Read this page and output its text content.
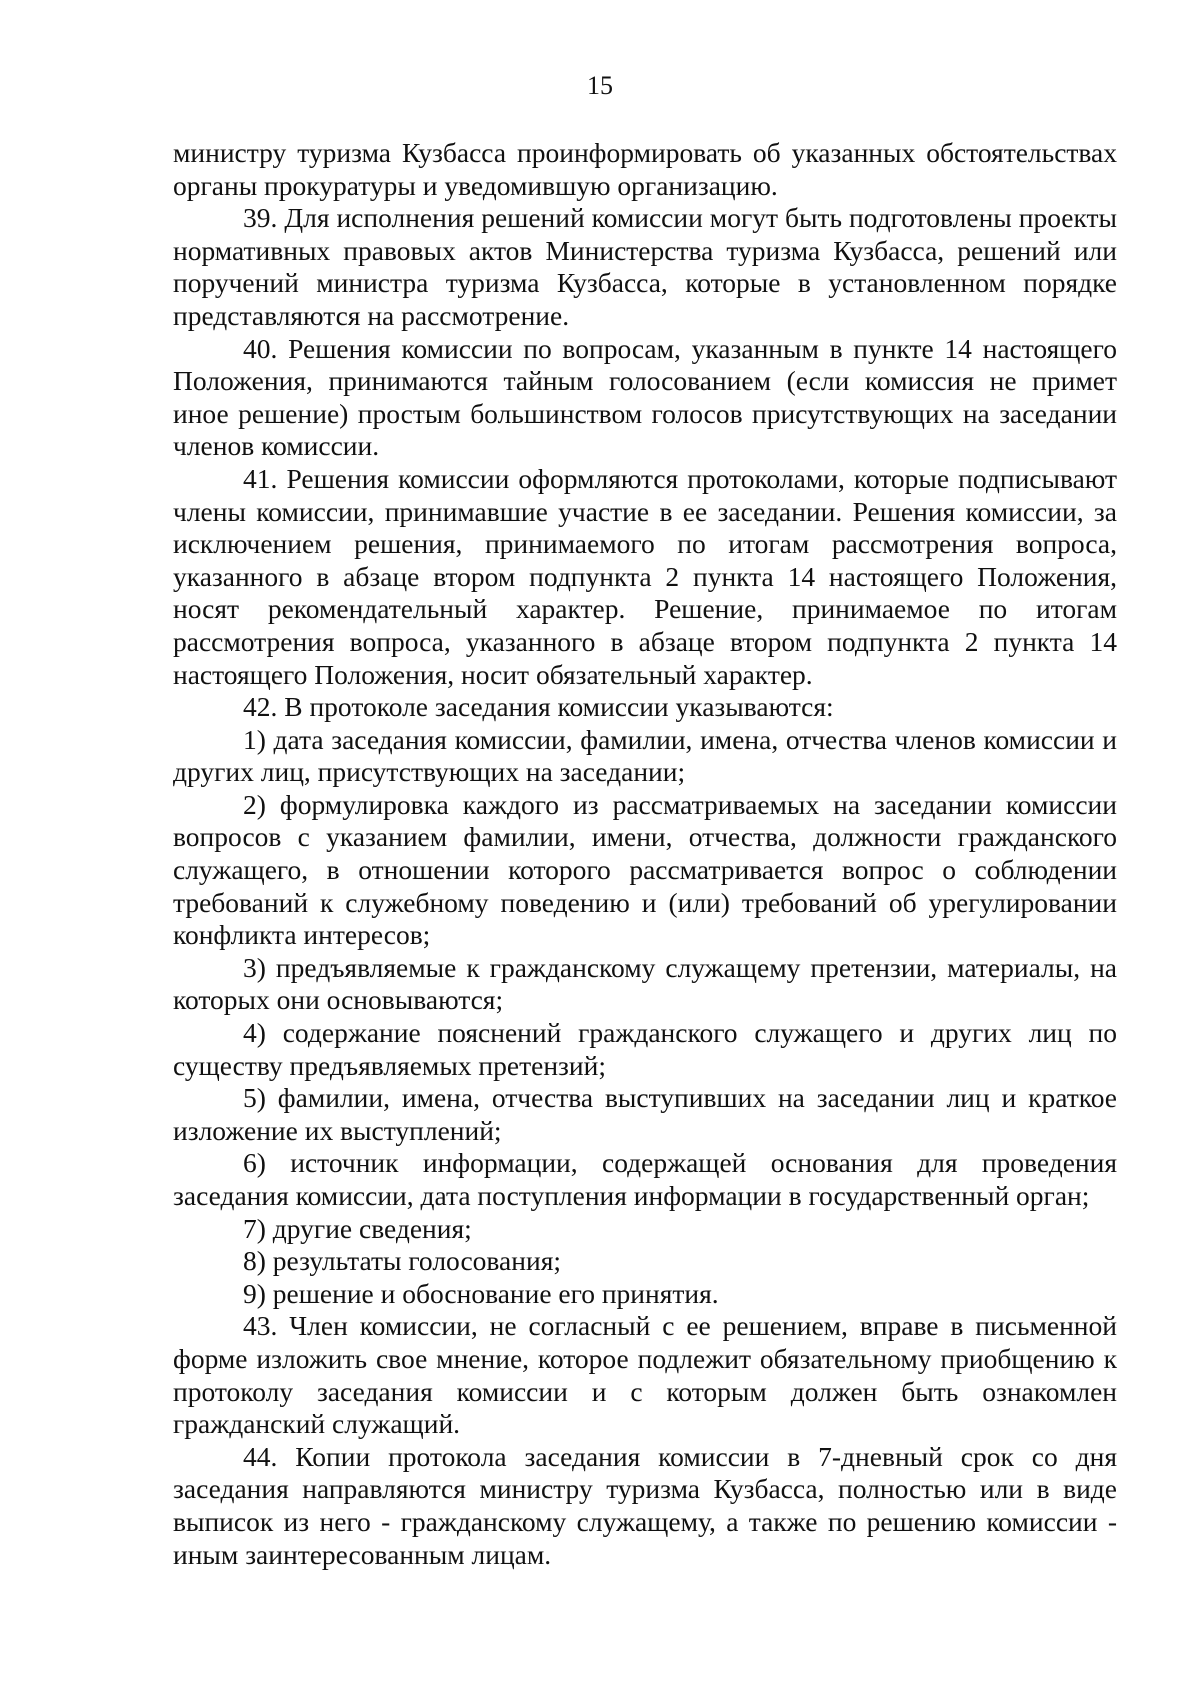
15

министру туризма Кузбасса проинформировать об указанных обстоятельствах органы прокуратуры и уведомившую организацию.

39. Для исполнения решений комиссии могут быть подготовлены проекты нормативных правовых актов Министерства туризма Кузбасса, решений или поручений министра туризма Кузбасса, которые в установленном порядке представляются на рассмотрение.

40. Решения комиссии по вопросам, указанным в пункте 14 настоящего Положения, принимаются тайным голосованием (если комиссия не примет иное решение) простым большинством голосов присутствующих на заседании членов комиссии.

41. Решения комиссии оформляются протоколами, которые подписывают члены комиссии, принимавшие участие в ее заседании. Решения комиссии, за исключением решения, принимаемого по итогам рассмотрения вопроса, указанного в абзаце втором подпункта 2 пункта 14 настоящего Положения, носят рекомендательный характер. Решение, принимаемое по итогам рассмотрения вопроса, указанного в абзаце втором подпункта 2 пункта 14 настоящего Положения, носит обязательный характер.

42. В протоколе заседания комиссии указываются:

1) дата заседания комиссии, фамилии, имена, отчества членов комиссии и других лиц, присутствующих на заседании;

2) формулировка каждого из рассматриваемых на заседании комиссии вопросов с указанием фамилии, имени, отчества, должности гражданского служащего, в отношении которого рассматривается вопрос о соблюдении требований к служебному поведению и (или) требований об урегулировании конфликта интересов;

3) предъявляемые к гражданскому служащему претензии, материалы, на которых они основываются;

4) содержание пояснений гражданского служащего и других лиц по существу предъявляемых претензий;

5) фамилии, имена, отчества выступивших на заседании лиц и краткое изложение их выступлений;

6) источник информации, содержащей основания для проведения заседания комиссии, дата поступления информации в государственный орган;

7) другие сведения;

8) результаты голосования;

9) решение и обоснование его принятия.

43. Член комиссии, не согласный с ее решением, вправе в письменной форме изложить свое мнение, которое подлежит обязательному приобщению к протоколу заседания комиссии и с которым должен быть ознакомлен гражданский служащий.

44. Копии протокола заседания комиссии в 7-дневный срок со дня заседания направляются министру туризма Кузбасса, полностью или в виде выписок из него - гражданскому служащему, а также по решению комиссии - иным заинтересованным лицам.
